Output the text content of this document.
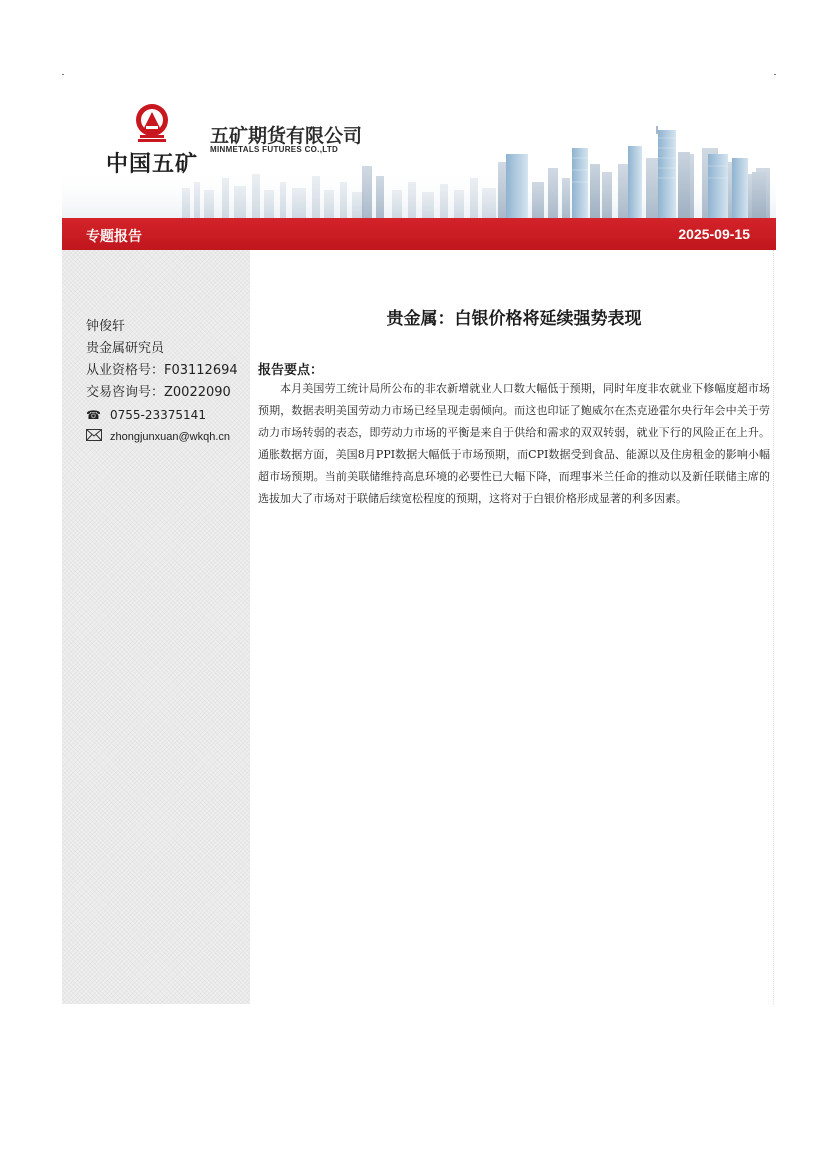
中国五矿
五矿期货有限公司
MINMETALS FUTURES CO.,LTD
专题报告	2025-09-15
钟俊轩
贵金属研究员
从业资格号：F03112694
交易咨询号：Z0022090
☎ 0755-23375141
zhongjunxuan@wkqh.cn
贵金属：白银价格将延续强势表现
报告要点：

本月美国劳工统计局所公布的非农新增就业人口数大幅低于预期，同时年度非农就业下修幅度超市场预期，数据表明美国劳动力市场已经呈现走弱倾向。而这也印证了鲍威尔在杰克逊霍尔央行年会中关于劳动力市场转弱的表态，即劳动力市场的平衡是来自于供给和需求的双双转弱，就业下行的风险正在上升。通胀数据方面，美国8月PPI数据大幅低于市场预期，而CPI数据受到食品、能源以及住房租金的影响小幅超市场预期。当前美联储维持高息环境的必要性已大幅下降，而理事米兰任命的推动以及新任联储主席的选拔加大了市场对于联储后续宽松程度的预期，这将对于白银价格形成显著的利多因素。
